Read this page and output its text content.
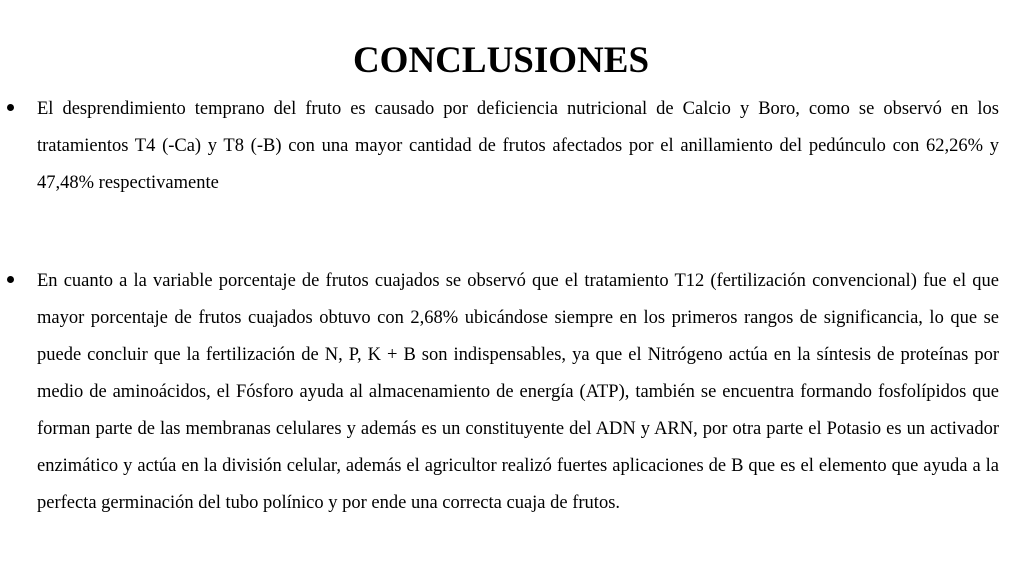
CONCLUSIONES

El desprendimiento temprano del fruto es causado por deficiencia nutricional de Calcio y Boro, como se observó en los tratamientos T4 (-Ca) y T8 (-B) con una mayor cantidad de frutos afectados por el anillamiento del pedúnculo con 62,26% y 47,48% respectivamente

En cuanto a la variable porcentaje de frutos cuajados se observó que el tratamiento T12 (fertilización convencional) fue el que mayor porcentaje de frutos cuajados obtuvo con 2,68% ubicándose siempre en los primeros rangos de significancia, lo que se puede concluir que la fertilización de N, P, K + B son indispensables, ya que el Nitrógeno actúa en la síntesis de proteínas por medio de aminoácidos, el Fósforo ayuda al almacenamiento de energía (ATP), también se encuentra formando fosfolípidos que forman parte de las membranas celulares y además es un constituyente del ADN y ARN, por otra parte el Potasio es un activador enzimático y actúa en la división celular, además el agricultor realizó fuertes aplicaciones de B que es el elemento que ayuda a la perfecta germinación del tubo polínico y por ende una correcta cuaja de frutos.
